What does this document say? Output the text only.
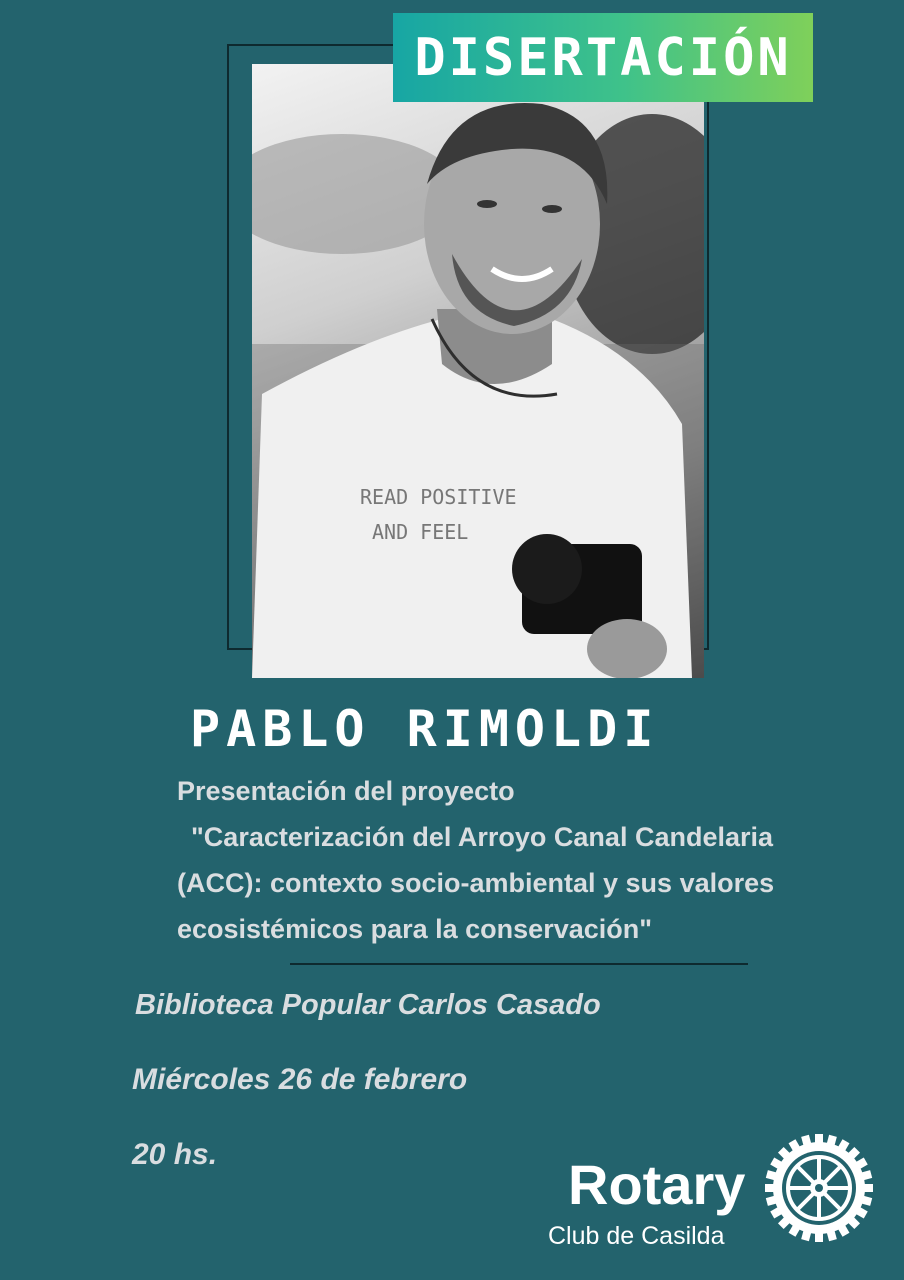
READ POSITIVE
AND FEEL
DISERTACIÓN
PABLO RIMOLDI
Presentación del proyecto
"Caracterización del Arroyo Canal Candelaria
(ACC): contexto socio-ambiental y sus valores
ecosistémicos para la conservación"
Biblioteca Popular Carlos Casado
Miércoles 26 de febrero
20 hs.	Rotary
Club de Casilda
